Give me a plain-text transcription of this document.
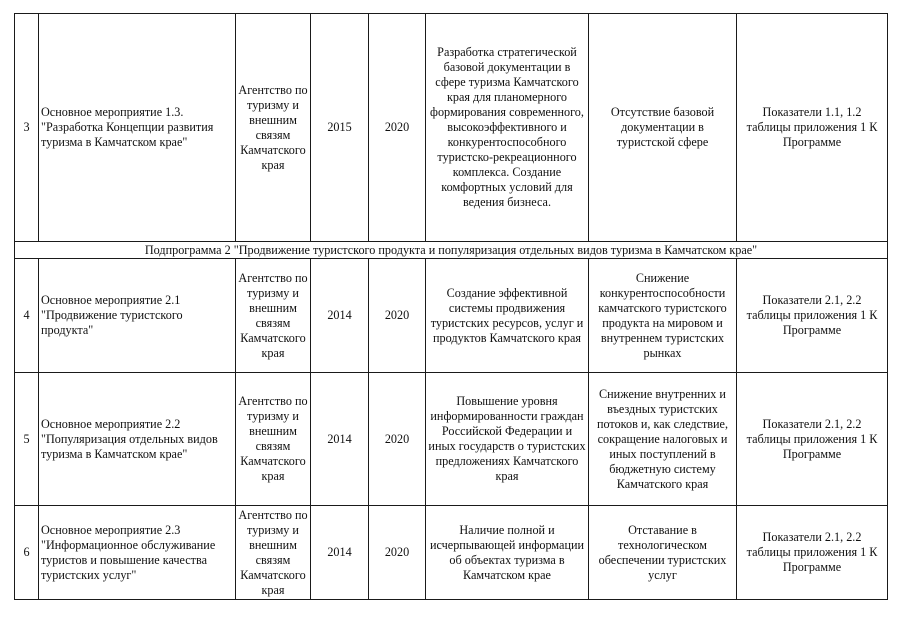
3	Основное мероприятие 1.3. "Разработка Концепции развития туризма в Камчатском крае"	Агентство по туризму и внешним связям Камчатского края	2015	2020	Разработка стратегической базовой документации в сфере туризма Камчатского края для планомерного формирования современного, высокоэффективного и конкурентоспособного туристско-рекреационного комплекса. Создание комфортных условий для ведения бизнеса.	Отсутствие базовой документации в туристской сфере	Показатели 1.1, 1.2 таблицы приложения 1 К Программе
Подпрограмма 2 "Продвижение туристского продукта и популяризация отдельных видов туризма в Камчатском крае"							
4	Основное мероприятие 2.1 "Продвижение туристского продукта"	Агентство по туризму и внешним связям Камчатского края	2014	2020	Создание эффективной системы продвижения туристских ресурсов, услуг и продуктов Камчатского края	Снижение конкурентоспособности камчатского туристского продукта на мировом и внутреннем туристских рынках	Показатели 2.1, 2.2 таблицы приложения 1 К Программе
5	Основное мероприятие 2.2 "Популяризация отдельных видов туризма в Камчатском крае"	Агентство по туризму и внешним связям Камчатского края	2014	2020	Повышение уровня информированности граждан Российской Федерации и иных государств о туристских предложениях Камчатского края	Снижение внутренних и въездных туристских потоков и, как следствие, сокращение налоговых и иных поступлений в бюджетную систему Камчатского края	Показатели 2.1, 2.2 таблицы приложения 1 К Программе
6	Основное мероприятие 2.3 "Информационное обслуживание туристов и повышение качества туристских услуг"	Агентство по туризму и внешним связям Камчатского края	2014	2020	Наличие полной и исчерпывающей информации об объектах туризма в Камчатском крае	Отставание в технологическом обеспечении туристских услуг	Показатели 2.1, 2.2 таблицы приложения 1 К Программе
